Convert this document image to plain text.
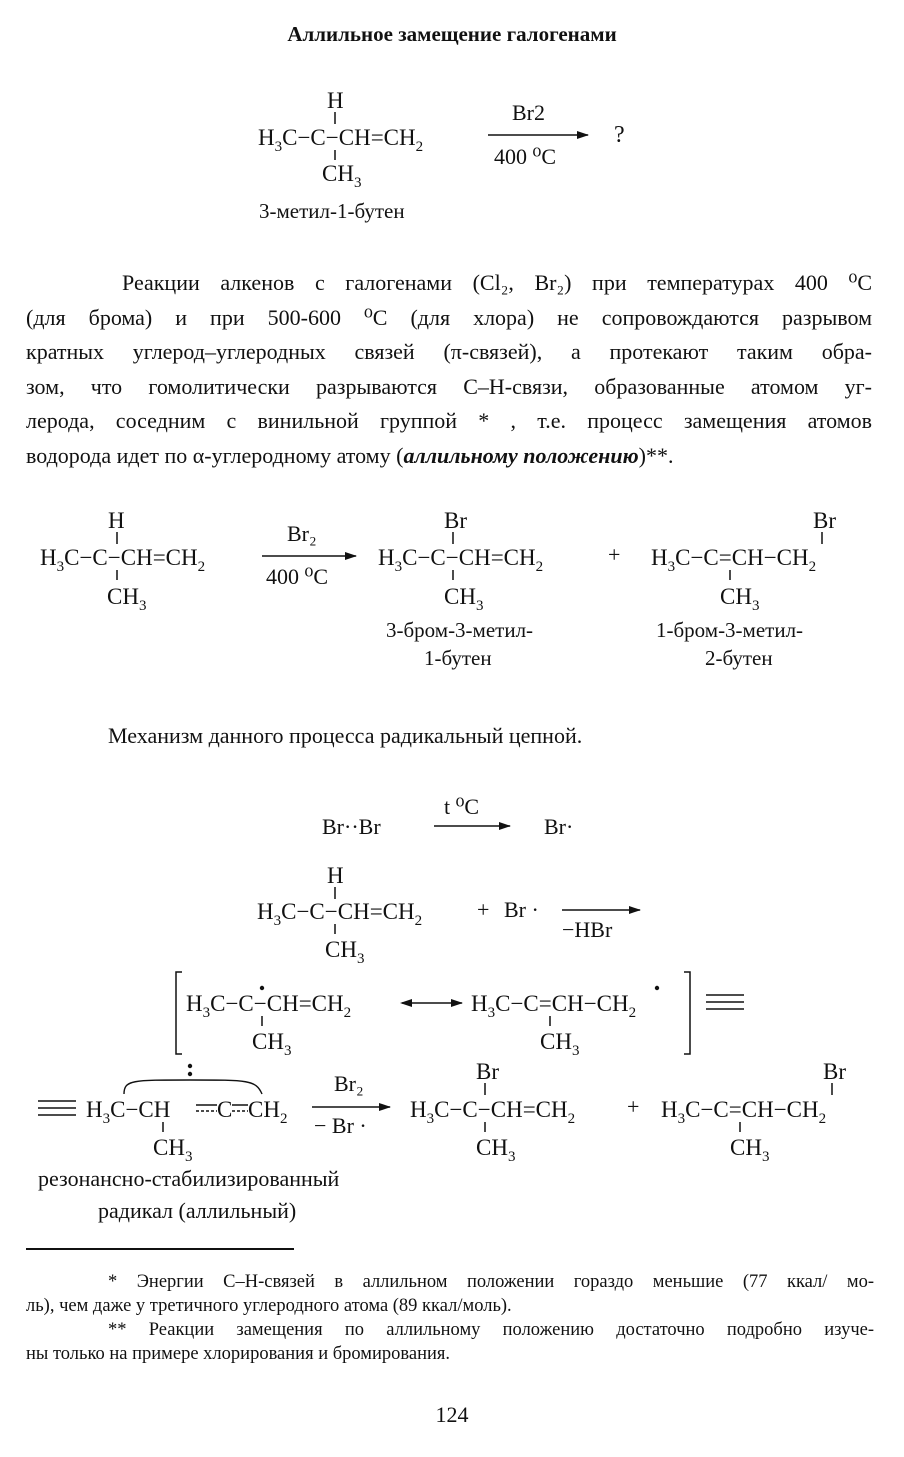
Аллильное замещение галогенами
H
$H_3C-C-CH=CH_2$
$CH_3$
Br2
400 ⁰С
?
3-метил-1-бутен
H
$H_3C-C-CH=CH_2$
$CH_3$
Br₂
400 ⁰С
Br
$H_3C-C-CH=CH_2$
$CH_3$
+
Br
$H_3C-C=CH-CH_2$
$CH_3$
3-бром-3-метил-
1-бутен
1-бром-3-метил-
2-бутен
Br··Br
t ⁰С
Br·
H
$H_3C-C-CH=CH_2$
$CH_3$
+ Br ·
−HBr
$H_3C-C-CH=CH_2$
$CH_3$
$H_3C-C=CH-CH_2$
$CH_3$
$H_3C-CH$ C $CH_2$
$CH_3$
Br₂
− Br ·
Br
$H_3C-C-CH=CH_2$
$CH_3$
+
Br
$H_3C-C=CH-CH_2$
$CH_3$
резонансно-стабилизированный
радикал (аллильный)
Реакции алкенов с галогенами (Cl₂, Br₂) при температурах 400 ⁰С
(для брома) и при 500-600 ⁰С (для хлора) не сопровождаются разрывом
кратных углерод–углеродных связей (π-связей), а протекают таким обра-
зом, что гомолитически разрываются С–Н-связи, образованные атомом уг-
лерода, соседним с винильной группой * , т.е. процесс замещения атомов
водорода идет по α-углеродному атому (аллильному положению)**.
Механизм данного процесса радикальный цепной.
* Энергии С–Н-связей в аллильном положении гораздо меньшие (77 ккал/ мо-
ль), чем даже у третичного углеродного атома (89 ккал/моль).
** Реакции замещения по аллильному положению достаточно подробно изуче-
ны только на примере хлорирования и бромирования.
124
